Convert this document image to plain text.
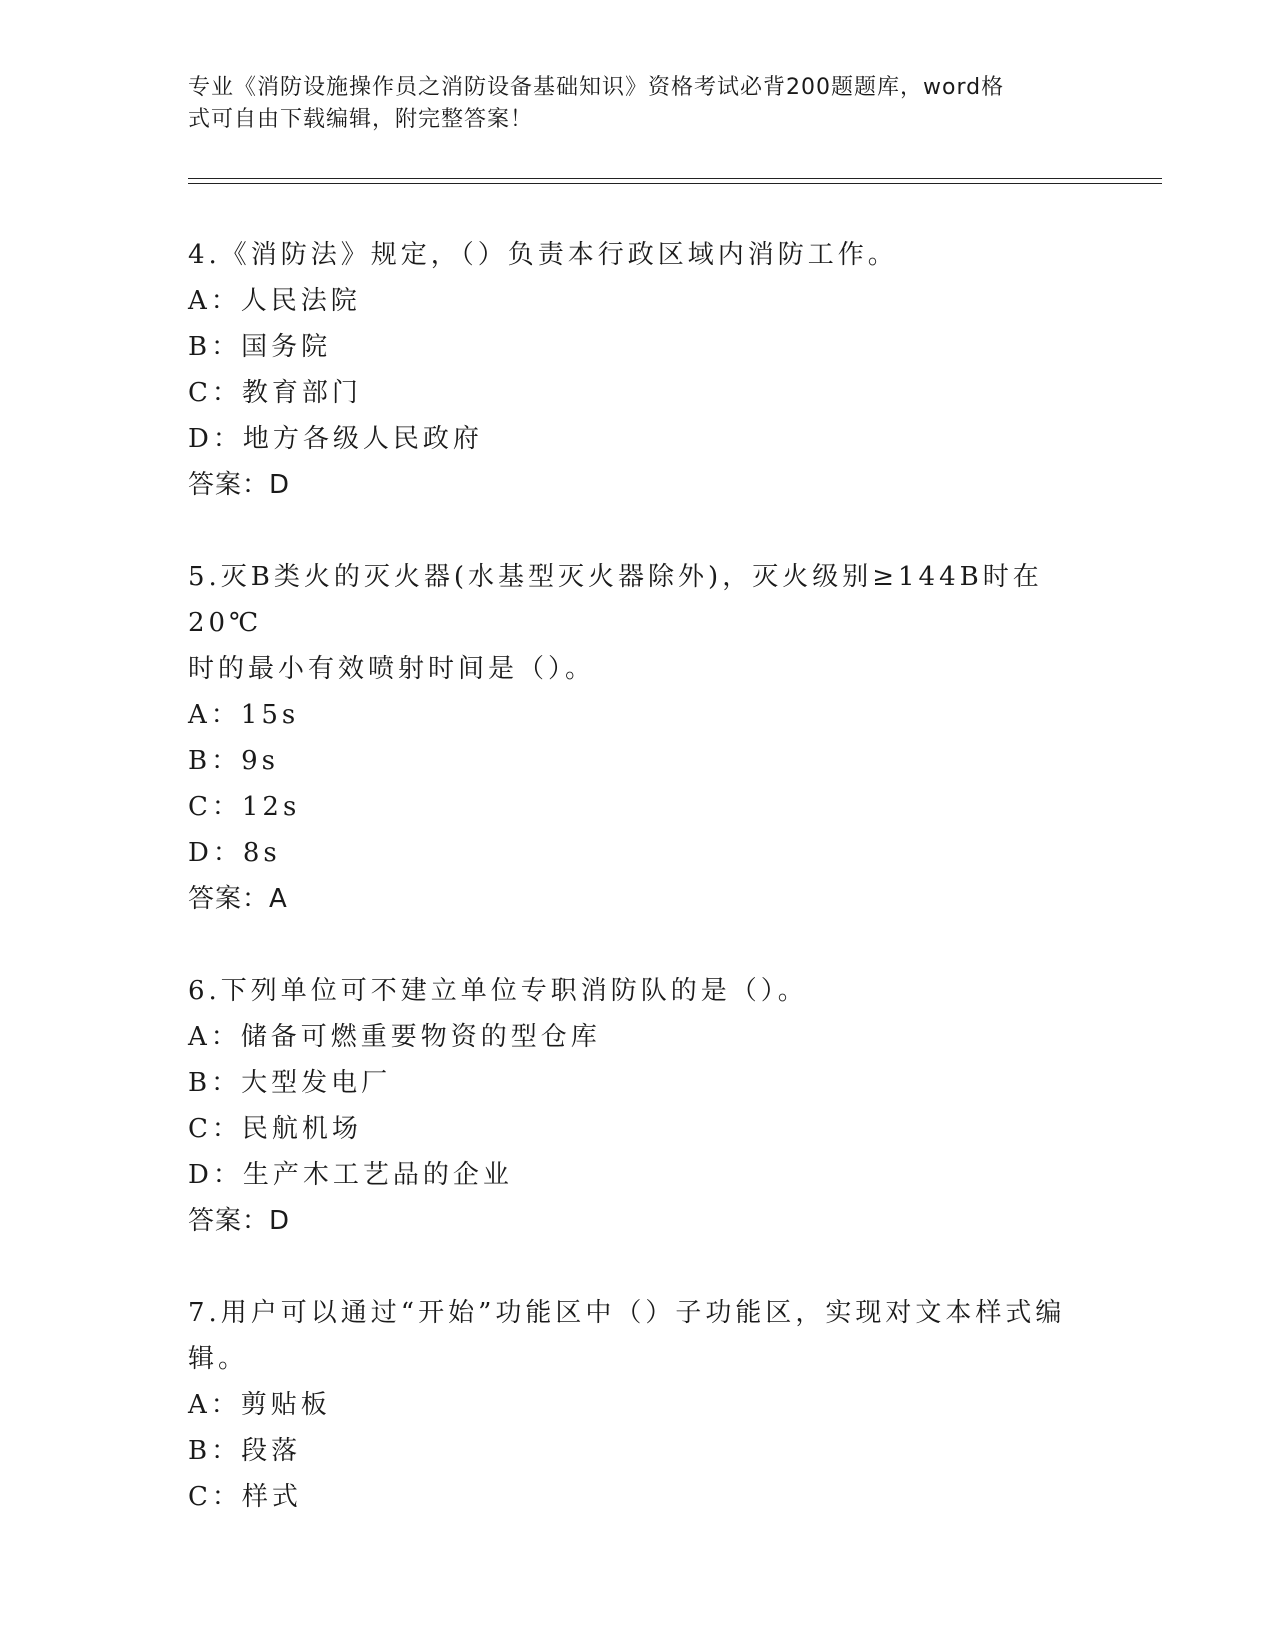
专业《消防设施操作员之消防设备基础知识》资格考试必背200题题库，word格
式可自由下载编辑，附完整答案！

4.《消防法》规定，（）负责本行政区域内消防工作。

A：人民法院

B：国务院

C：教育部门

D：地方各级人民政府

答案：D

5.灭B类火的灭火器(水基型灭火器除外)，灭火级别≥144B时在20℃

时的最小有效喷射时间是（）。

A：15s

B：9s

C：12s

D：8s

答案：A

6.下列单位可不建立单位专职消防队的是（）。

A：储备可燃重要物资的型仓库

B：大型发电厂

C：民航机场

D：生产木工艺品的企业

答案：D

7.用户可以通过“开始”功能区中（）子功能区，实现对文本样式编

辑。

A：剪贴板

B：段落

C：样式
